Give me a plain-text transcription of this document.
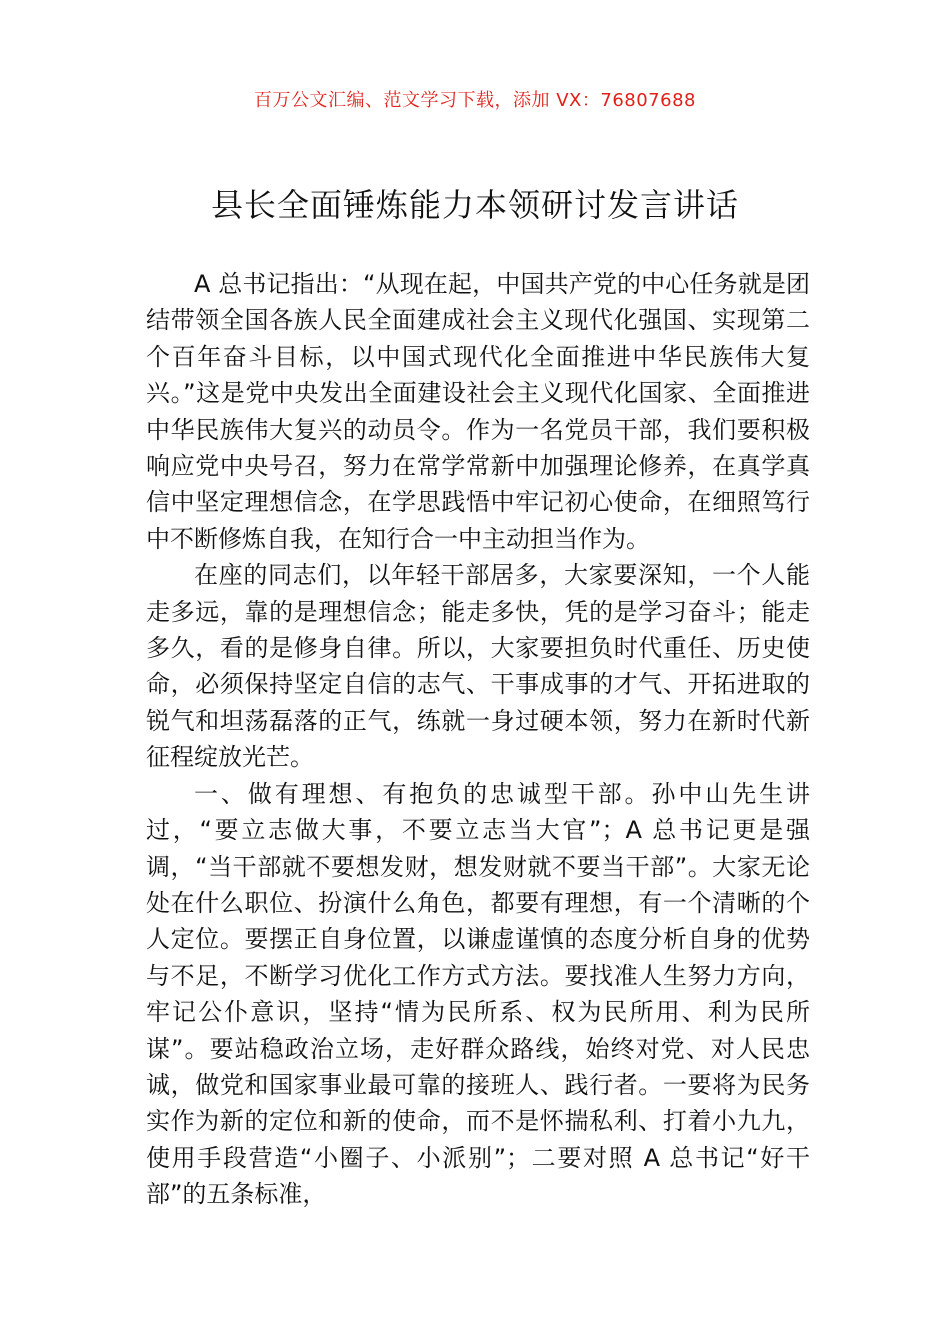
百万公文汇编、范文学习下载，添加 VX：76807688
县长全面锤炼能力本领研讨发言讲话

A 总书记指出：“从现在起，中国共产党的中心任务就是团结带领全国各族人民全面建成社会主义现代化强国、实现第二个百年奋斗目标，以中国式现代化全面推进中华民族伟大复兴。”这是党中央发出全面建设社会主义现代化国家、全面推进中华民族伟大复兴的动员令。作为一名党员干部，我们要积极响应党中央号召，努力在常学常新中加强理论修养，在真学真信中坚定理想信念，在学思践悟中牢记初心使命，在细照笃行中不断修炼自我，在知行合一中主动担当作为。

在座的同志们，以年轻干部居多，大家要深知，一个人能走多远，靠的是理想信念；能走多快，凭的是学习奋斗；能走多久，看的是修身自律。所以，大家要担负时代重任、历史使命，必须保持坚定自信的志气、干事成事的才气、开拓进取的锐气和坦荡磊落的正气，练就一身过硬本领，努力在新时代新征程绽放光芒。

一、做有理想、有抱负的忠诚型干部。孙中山先生讲过，“要立志做大事，不要立志当大官”；A 总书记更是强调，“当干部就不要想发财，想发财就不要当干部”。大家无论处在什么职位、扮演什么角色，都要有理想，有一个清晰的个人定位。要摆正自身位置，以谦虚谨慎的态度分析自身的优势与不足，不断学习优化工作方式方法。要找准人生努力方向，牢记公仆意识，坚持“情为民所系、权为民所用、利为民所谋”。要站稳政治立场，走好群众路线，始终对党、对人民忠诚，做党和国家事业最可靠的接班人、践行者。一要将为民务实作为新的定位和新的使命，而不是怀揣私利、打着小九九，使用手段营造“小圈子、小派别”；二要对照 A 总书记“好干部”的五条标准，
